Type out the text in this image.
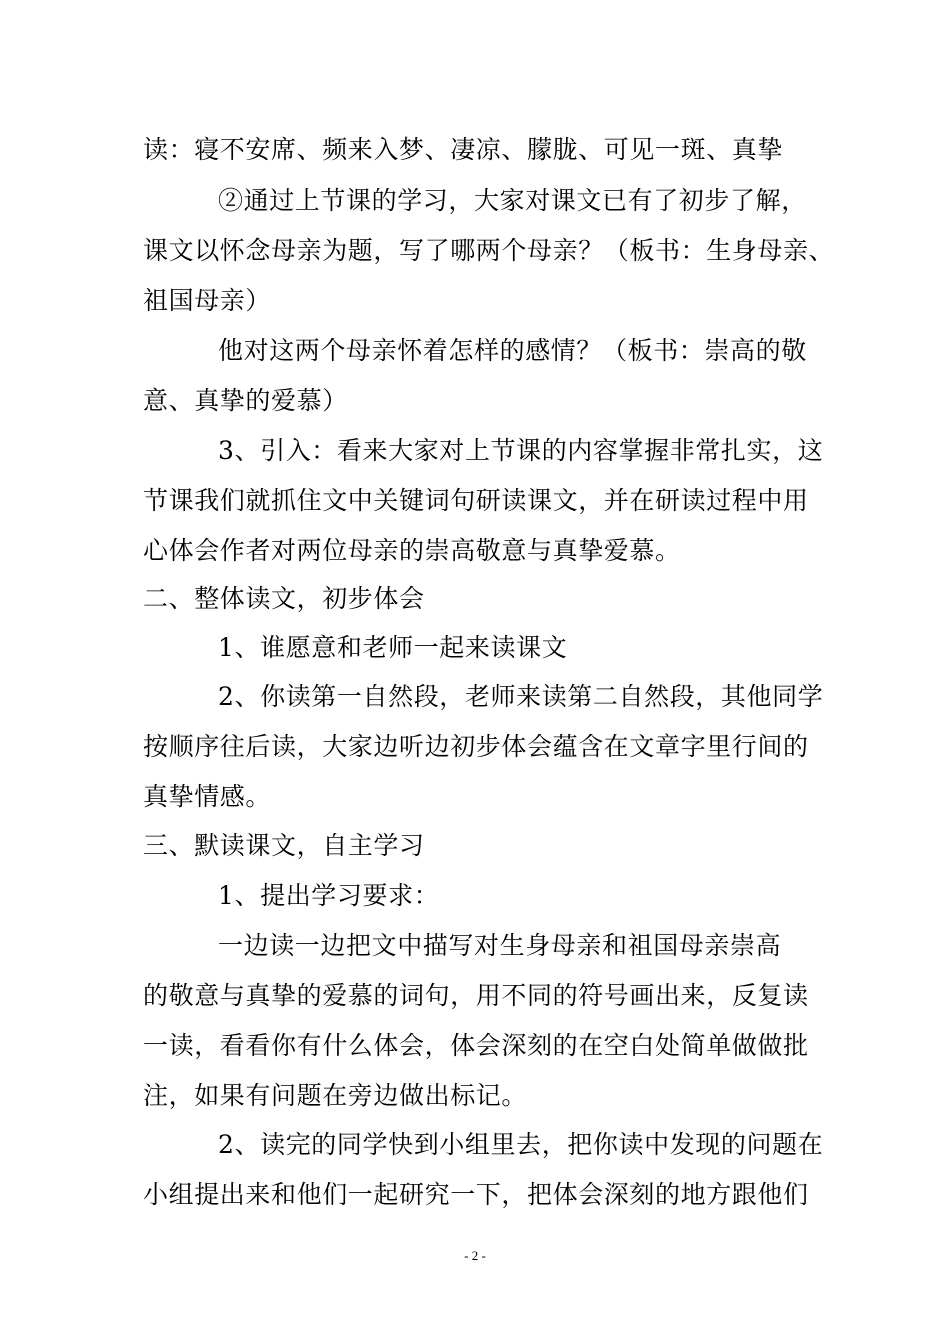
读：寝不安席、频来入梦、凄凉、朦胧、可见一斑、真挚
②通过上节课的学习，大家对课文已有了初步了解，
课文以怀念母亲为题，写了哪两个母亲？（板书：生身母亲、
祖国母亲）
他对这两个母亲怀着怎样的感情？（板书：崇高的敬
意、真挚的爱慕）
3、引入：看来大家对上节课的内容掌握非常扎实，这
节课我们就抓住文中关键词句研读课文，并在研读过程中用
心体会作者对两位母亲的崇高敬意与真挚爱慕。
二、整体读文，初步体会
1、谁愿意和老师一起来读课文
2、你读第一自然段，老师来读第二自然段，其他同学
按顺序往后读，大家边听边初步体会蕴含在文章字里行间的
真挚情感。
三、默读课文，自主学习
1、提出学习要求：
一边读一边把文中描写对生身母亲和祖国母亲崇高
的敬意与真挚的爱慕的词句，用不同的符号画出来，反复读
一读，看看你有什么体会，体会深刻的在空白处简单做做批
注，如果有问题在旁边做出标记。
2、读完的同学快到小组里去，把你读中发现的问题在
小组提出来和他们一起研究一下，把体会深刻的地方跟他们
- 2 -
